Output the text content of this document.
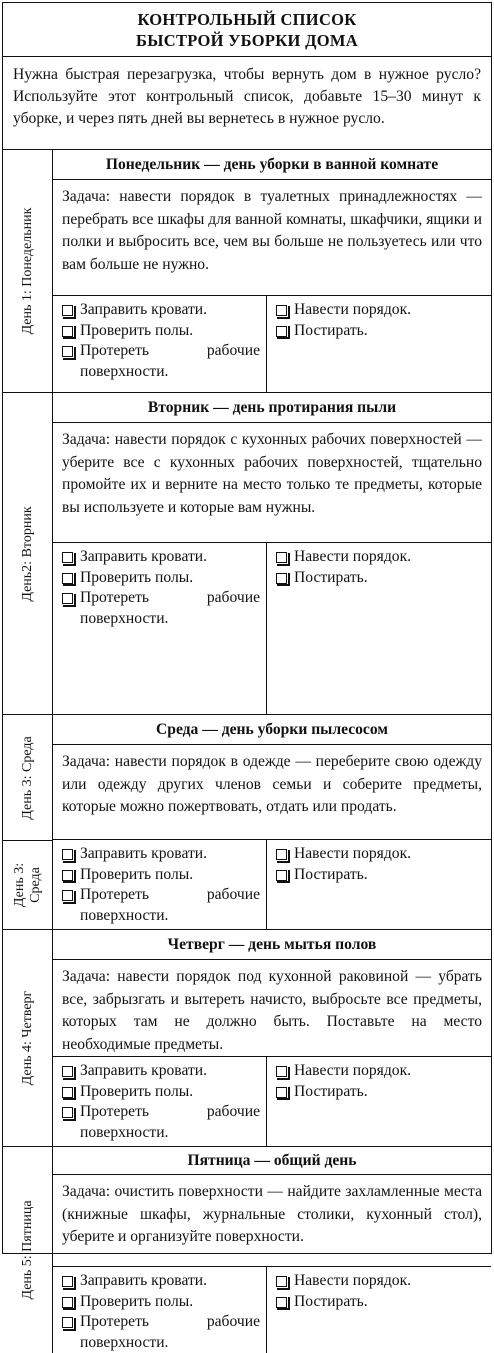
КОНТРОЛЬНЫЙ СПИСОК
БЫСТРОЙ УБОРКИ ДОМА
Нужна быстрая перезагрузка, чтобы вернуть дом в нужное русло? Используйте этот контрольный список, добавьте 15–30 минут к уборке, и через пять дней вы вернетесь в нужное русло.
День 1: Понедельник
Понедельник — день уборки в ванной комнате
Задача: навести порядок в туалетных принадлежностях — перебрать все шкафы для ванной комнаты, шкафчики, ящики и полки и выбросить все, чем вы больше не пользуетесь или что вам больше не нужно.
Заправить кровати.
Проверить полы.
Протереть рабочие поверхности.
Навести порядок.
Постирать.
День2: Вторник
Вторник — день протирания пыли
Задача: навести порядок с кухонных рабочих поверхностей — уберите все с кухонных рабочих поверхностей, тщательно промойте их и верните на место только те предметы, которые вы используете и которые вам нужны.
Заправить кровати.
Проверить полы.
Протереть рабочие поверхности.
Навести порядок.
Постирать.
День 3: Среда
День 3: Среда
Среда — день уборки пылесосом
Задача: навести порядок в одежде — переберите свою одежду или одежду других членов семьи и соберите предметы, которые можно пожертвовать, отдать или продать.
Заправить кровати.
Проверить полы.
Протереть рабочие поверхности.
Навести порядок.
Постирать.
День 4: Четверг
Четверг — день мытья полов
Задача: навести порядок под кухонной раковиной — убрать все, забрызгать и вытереть начисто, выбросьте все предметы, которых там не должно быть. Поставьте на место необходимые предметы.
Заправить кровати.
Проверить полы.
Протереть рабочие поверхности.
Навести порядок.
Постирать.
День 5: Пятница
Пятница — общий день
Задача: очистить поверхности — найдите захламленные места (книжные шкафы, журнальные столики, кухонный стол), уберите и организуйте поверхности.
Заправить кровати.
Проверить полы.
Протереть рабочие поверхности.
Навести порядок.
Постирать.
